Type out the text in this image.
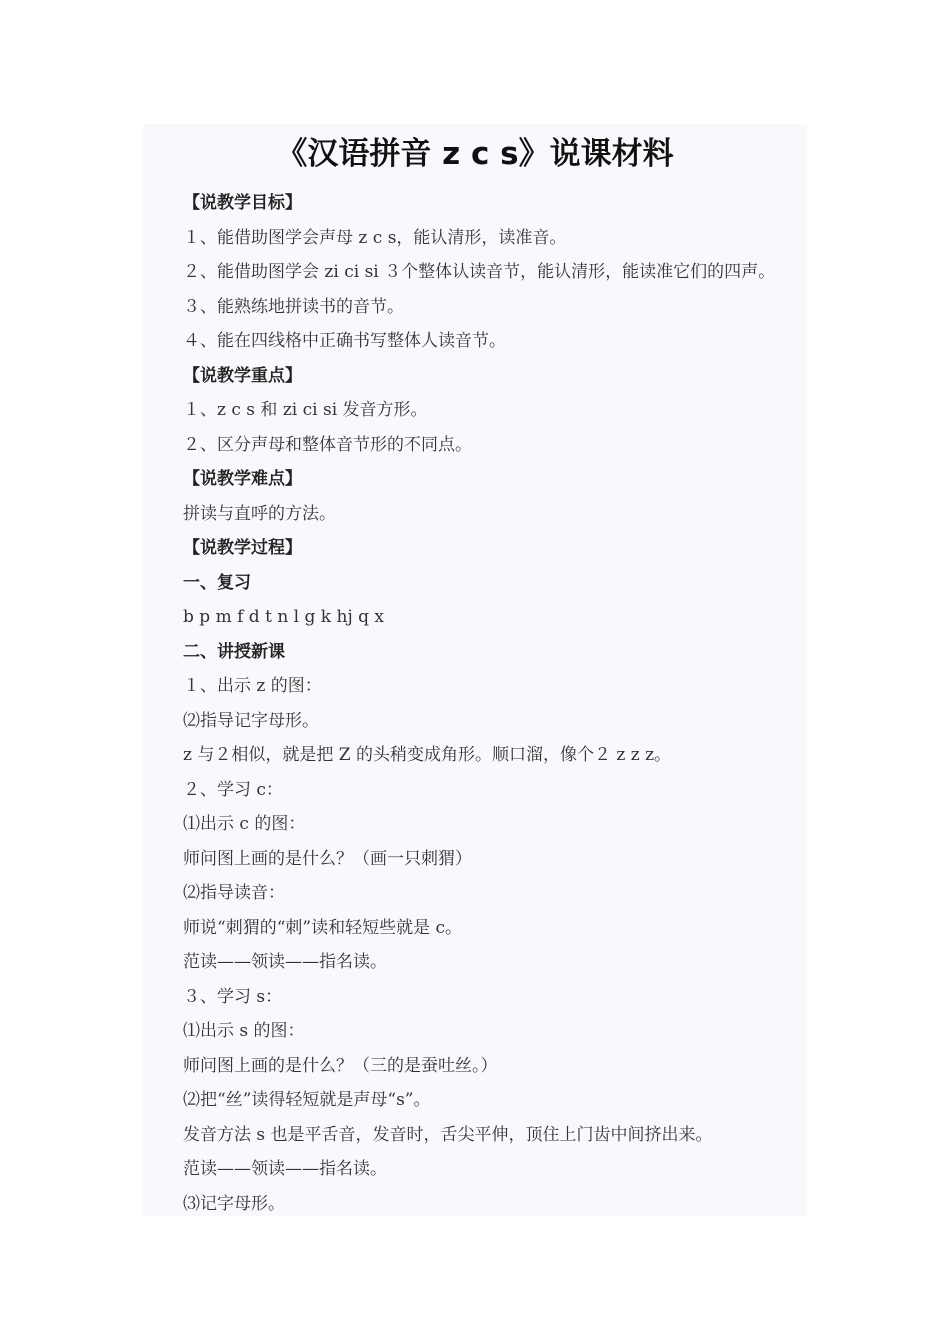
《汉语拼音 z c s》说课材料
【说教学目标】
１、能借助图学会声母 z c s，能认清形，读准音。
２、能借助图学会 zi ci si ３个整体认读音节，能认清形，能读准它们的四声。
３、能熟练地拼读书的音节。
４、能在四线格中正确书写整体人读音节。
【说教学重点】
１、z c s 和 zi ci si 发音方形。
２、区分声母和整体音节形的不同点。
【说教学难点】
拼读与直呼的方法。
【说教学过程】
一、复习
b p m f d t n l g k hj q x
二、讲授新课
１、出示 z 的图：
⑵指导记字母形。
z 与２相似，就是把 Z 的头稍变成角形。顺口溜，像个２ z z z。
２、学习 c：
⑴出示 c 的图：
师问图上画的是什么？（画一只刺猬）
⑵指导读音：
师说“刺猬的“刺”读和轻短些就是 c。
范读——领读——指名读。
３、学习 s：
⑴出示 s 的图：
师问图上画的是什么？（三的是蚕吐丝。）
⑵把“丝”读得轻短就是声母“s”。
发音方法 s 也是平舌音，发音时，舌尖平伸，顶住上门齿中间挤出来。
范读——领读——指名读。
⑶记字母形。
